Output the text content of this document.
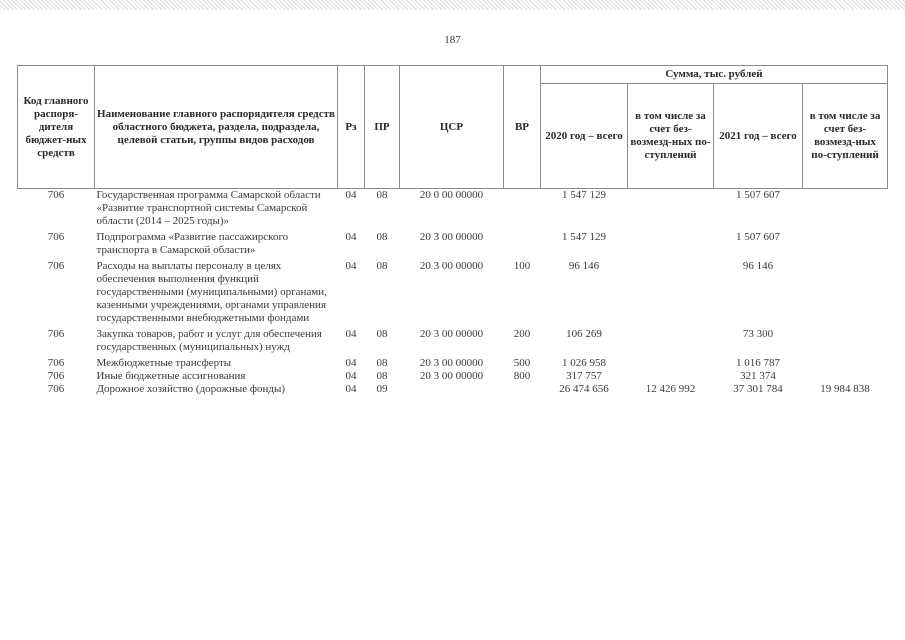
187
Код главного распоря-дителя бюджет-ных средств	Наименование главного распорядителя средств областного бюджета, раздела, подраздела, целевой статьи, группы видов расходов	Рз	ПР	ЦСР	ВР	Сумма, тыс. рублей			
						2020 год – всего	в том числе за счет без-возмезд-ных по-ступлений	2021 год – всего	в том числе за счет без-возмезд-ных по-ступлений
706	Государственная программа Самарской области «Развитие транспортной системы Самарской области (2014 – 2025 годы)»	04	08	20 0 00 00000		1 547 129		1 507 607	
706	Подпрограмма «Развитие пассажирского транспорта в Самарской области»	04	08	20 3 00 00000		1 547 129		1 507 607	
706	Расходы на выплаты персоналу в целях обеспечения выполнения функций государственными (муниципальными) органами, казенными учреждениями, органами управления государственными внебюджетными фондами	04	08	20 3 00 00000	100	96 146		96 146	
706	Закупка товаров, работ и услуг для обеспечения государственных (муниципальных) нужд	04	08	20 3 00 00000	200	106 269		73 300	
706	Межбюджетные трансферты	04	08	20 3 00 00000	500	1 026 958		1 016 787	
706	Иные бюджетные ассигнования	04	08	20 3 00 00000	800	317 757		321 374	
706	Дорожное хозяйство (дорожные фонды)	04	09			26 474 656	12 426 992	37 301 784	19 984 838
